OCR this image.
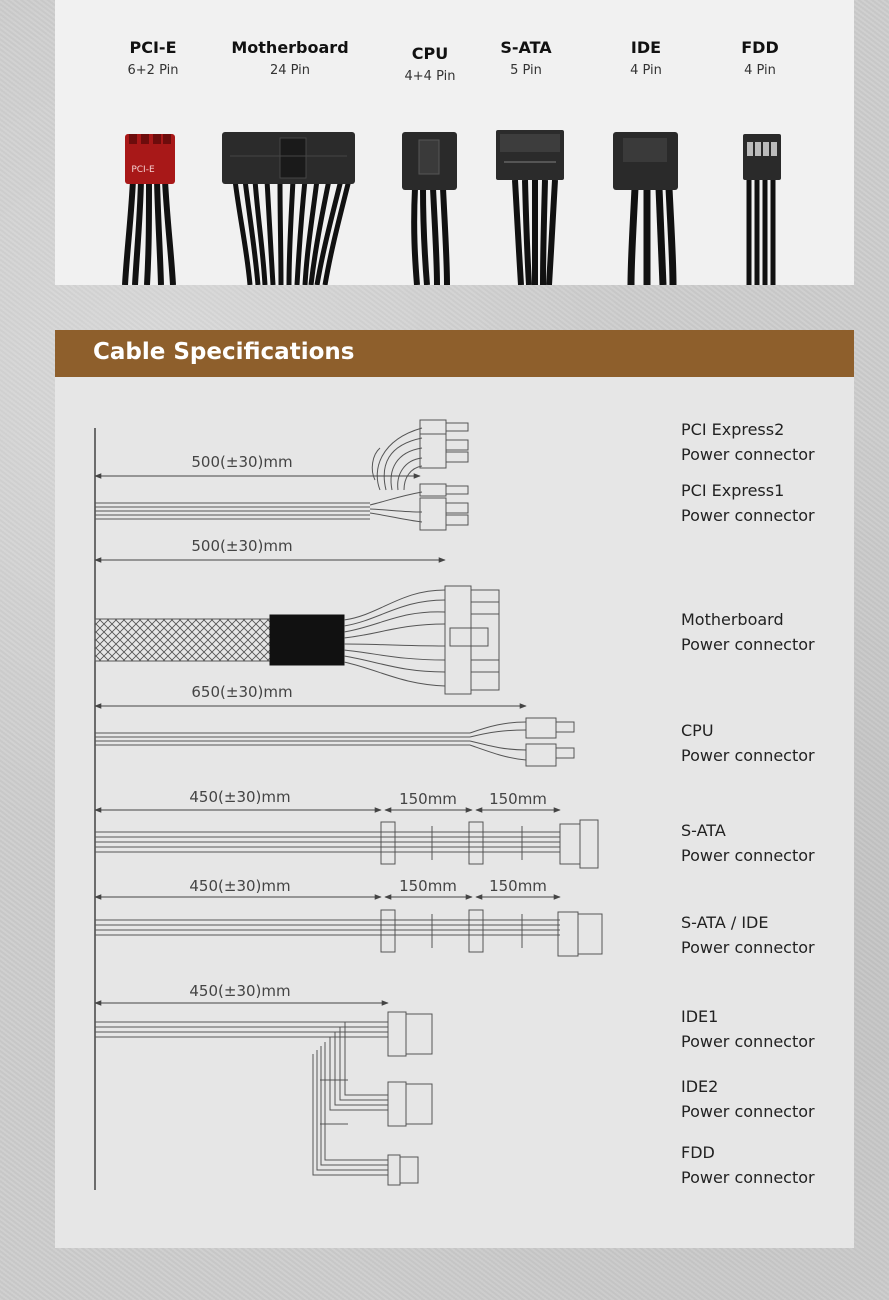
PCI-E
6+2 Pin
Motherboard
24 Pin
CPU
4+4 Pin
S-ATA
5 Pin
IDE
4 Pin
FDD
4 Pin
PCI-E
Cable Specifications
500(±30)mm
500(±30)mm
650(±30)mm
450(±30)mm	150mm 150mm
450(±30)mm	150mm 150mm
450(±30)mm
PCI Express2
Power connector
PCI Express1
Power connector
Motherboard
Power connector
CPU
Power connector
S-ATA
Power connector
S-ATA / IDE
Power connector
IDE1
Power connector
IDE2
Power connector
FDD
Power connector
